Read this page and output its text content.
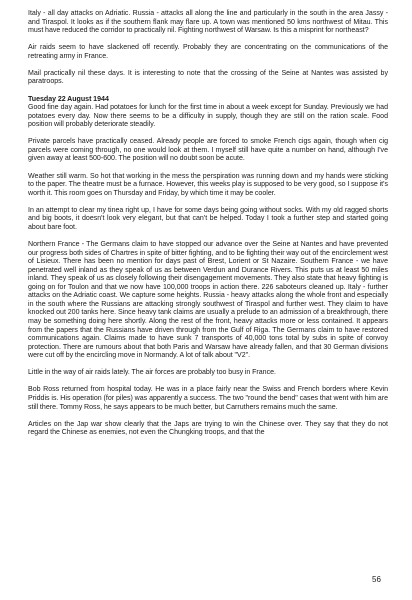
Italy - all day attacks on Adriatic. Russia - attacks all along the line and particularly in the south in the area Jassy - and Tiraspol. It looks as if the southern flank may flare up. A town was mentioned 50 kms northwest of Mitau. This must have reduced the corridor to practically nil. Fighting northwest of Warsaw. Is this a misprint for northeast?

Air raids seem to have slackened off recently. Probably they are concentrating on the communications of the retreating army in France.

Mail practically nil these days. It is interesting to note that the crossing of the Seine at Nantes was assisted by paratroops.

Tuesday 22 August 1944
Good fine day again. Had potatoes for lunch for the first time in about a week except for Sunday. Previously we had potatoes every day. Now there seems to be a difficulty in supply, though they are still on the ration scale. Food position will probably deteriorate steadily.

Private parcels have practically ceased. Already people are forced to smoke French cigs again, though when cig parcels were coming through, no one would look at them. I myself still have quite a number on hand, although I've given away at least 500-600. The position will no doubt soon be acute.

Weather still warm. So hot that working in the mess the perspiration was running down and my hands were sticking to the paper. The theatre must be a furnace. However, this weeks play is supposed to be very good, so I suppose it's worth it. This room goes on Thursday and Friday, by which time it may be cooler.

In an attempt to clear my tinea right up, I have for some days being going without socks. With my old ragged shorts and big boots, it doesn't look very elegant, but that can't be helped. Today I took a further step and started going about bare foot.

Northern France - The Germans claim to have stopped our advance over the Seine at Nantes and have prevented our progress both sides of Chartres in spite of bitter fighting, and to be fighting their way out of the encirclement west of Lisieux. There has been no mention for days past of Brest, Lorient or St Nazaire. Southern France - we have penetrated well inland as they speak of us as between Verdun and Durance Rivers. This puts us at least 50 miles inland. They speak of us as closely following their disengagement movements. They also state that heavy fighting is going on for Toulon and that we now have 100,000 troops in action there. 226 saboteurs cleaned up. Italy - further attacks on the Adriatic coast. We capture some heights. Russia - heavy attacks along the whole front and especially in the south where the Russians are attacking strongly southwest of Tiraspol and further west. They claim to have knocked out 200 tanks here. Since heavy tank claims are usually a prelude to an admission of a breakthrough, there may be something doing here shortly. Along the rest of the front, heavy attacks more or less contained. It appears from the papers that the Russians have driven through from the Gulf of Riga. The Germans claim to have restored communications again. Claims made to have sunk 7 transports of 40,000 tons total by subs in spite of convoy protection. There are rumours about that both Paris and Warsaw have already fallen, and that 30 German divisions were cut off by the encircling move in Normandy. A lot of talk about "V2".

Little in the way of air raids lately. The air forces are probably too busy in France.

Bob Ross returned from hospital today. He was in a place fairly near the Swiss and French borders where Kevin Priddis is. His operation (for piles) was apparently a success. The two "round the bend" cases that went with him are still there. Tommy Ross, he says appears to be much better, but Carruthers remains much the same.

Articles on the Jap war show clearly that the Japs are trying to win the Chinese over. They say that they do not regard the Chinese as enemies, not even the Chungking troops, and that the

56
